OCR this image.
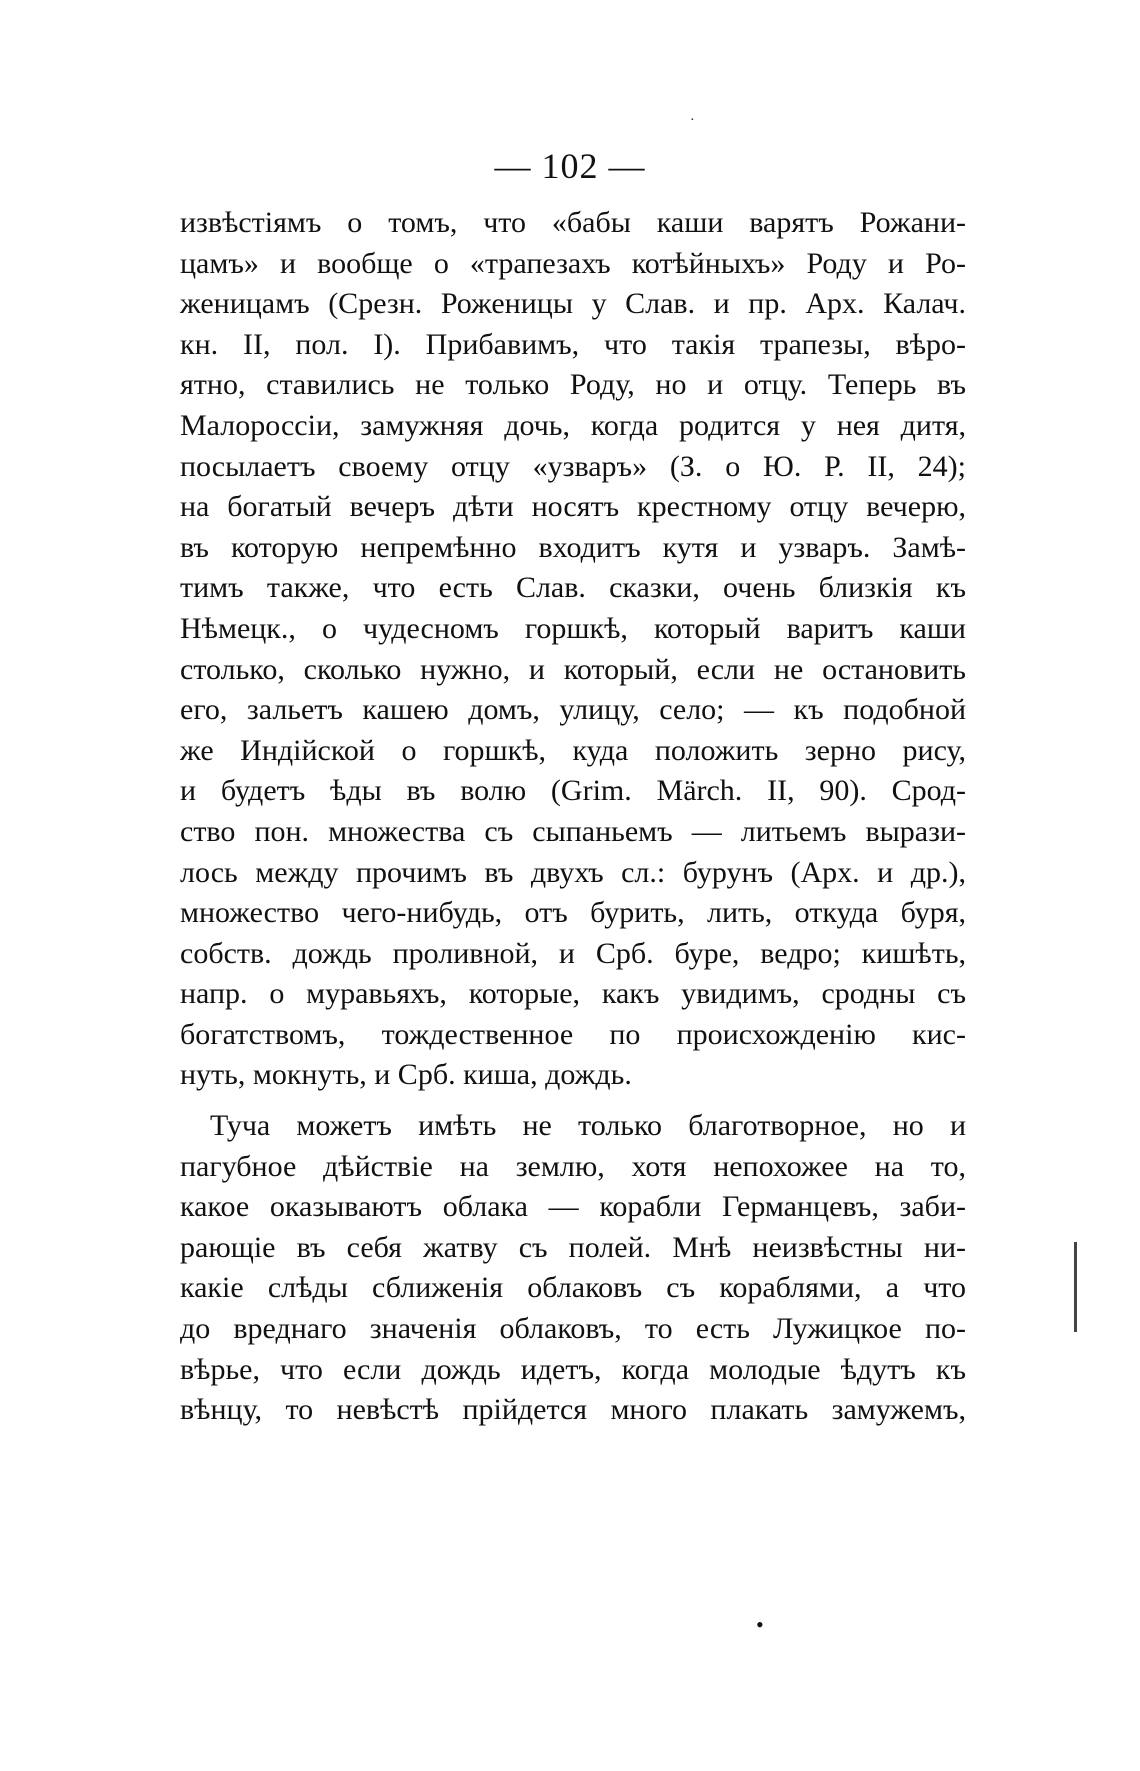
·
— 102 —
извѣстіямъ о томъ, что «бабы каши варятъ Рожани-
цамъ» и вообще о «трапезахъ котѣйныхъ» Роду и Ро-
женицамъ (Срезн. Роженицы у Слав. и пр. Арх. Калач.
кн. II, пол. I). Прибавимъ, что такія трапезы, вѣро-
ятно, ставились не только Роду, но и отцу. Теперь въ
Малороссіи, замужняя дочь, когда родится у нея дитя,
посылаетъ своему отцу «узваръ» (З. о Ю. Р. II, 24);
на богатый вечеръ дѣти носятъ крестному отцу вечерю,
въ которую непремѣнно входитъ кутя и узваръ. Замѣ-
тимъ также, что есть Слав. сказки, очень близкія къ
Нѣмецк., о чудесномъ горшкѣ, который варитъ каши
столько, сколько нужно, и который, если не остановить
его, зальетъ кашею домъ, улицу, село; — къ подобной
же Индійской о горшкѣ, куда положить зерно рису,
и будетъ ѣды въ волю (Grim. Märch. II, 90). Срод-
ство пон. множества съ сыпаньемъ — литьемъ вырази-
лось между прочимъ въ двухъ сл.: бурунъ (Арх. и др.),
множество чего-нибудь, отъ бурить, лить, откуда буря,
собств. дождь проливной, и Срб. буре, ведро; кишѣть,
напр. о муравьяхъ, которые, какъ увидимъ, сродны съ
богатствомъ, тождественное по происхожденію кис-
нуть, мокнуть, и Срб. киша, дождь.
Туча можетъ имѣть не только благотворное, но и
пагубное дѣйствіе на землю, хотя непохожее на то,
какое оказываютъ облака — корабли Германцевъ, заби-
рающіе въ себя жатву съ полей. Мнѣ неизвѣстны ни-
какіе слѣды сближенія облаковъ съ кораблями, а что
до вреднаго значенія облаковъ, то есть Лужицкое по-
вѣрье, что если дождь идетъ, когда молодые ѣдутъ къ
вѣнцу, то невѣстѣ прійдется много плакать замужемъ,
•
